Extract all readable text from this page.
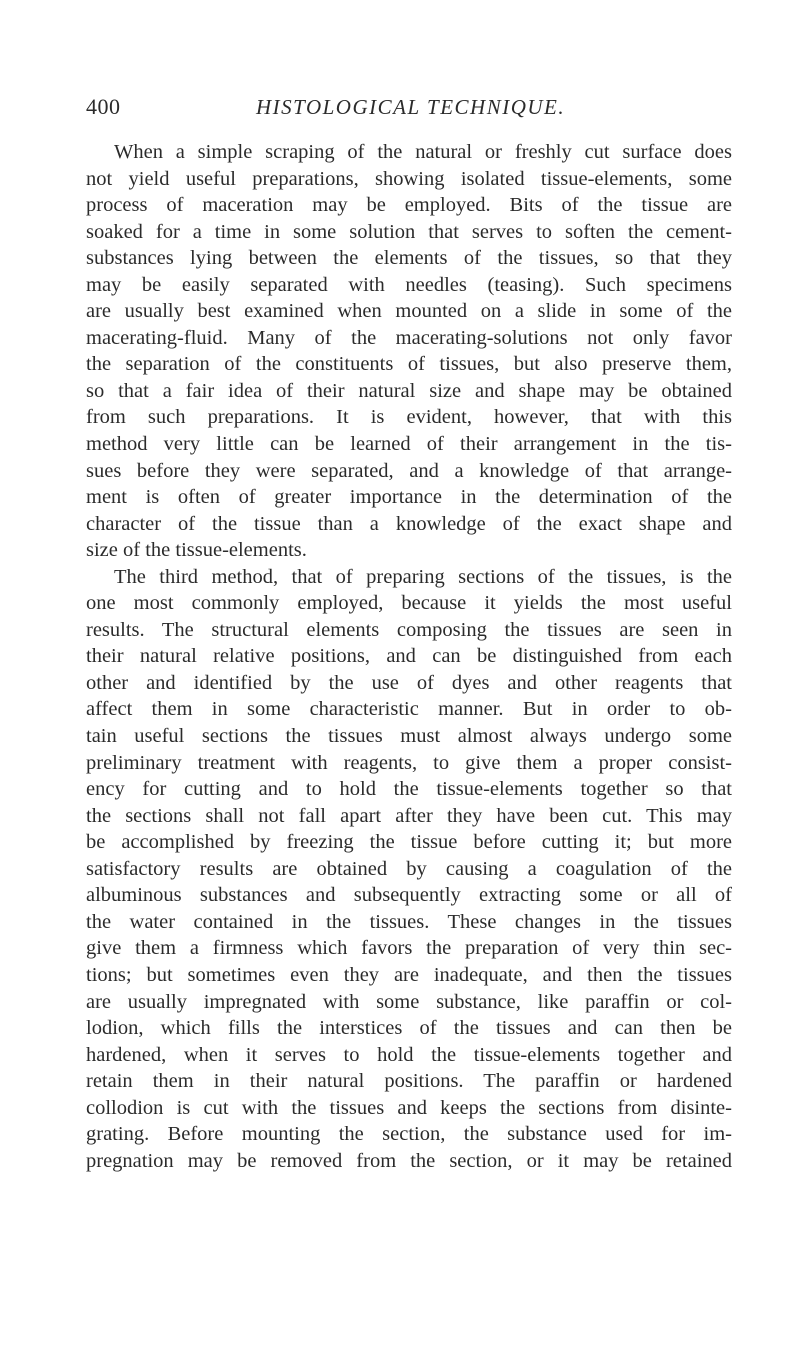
400	HISTOLOGICAL TECHNIQUE.
When a simple scraping of the natural or freshly cut surface does
not yield useful preparations, showing isolated tissue-elements, some
process of maceration may be employed. Bits of the tissue are
soaked for a time in some solution that serves to soften the cement-
substances lying between the elements of the tissues, so that they
may be easily separated with needles (teasing). Such specimens
are usually best examined when mounted on a slide in some of the
macerating-fluid. Many of the macerating-solutions not only favor
the separation of the constituents of tissues, but also preserve them,
so that a fair idea of their natural size and shape may be obtained
from such preparations. It is evident, however, that with this
method very little can be learned of their arrangement in the tis-
sues before they were separated, and a knowledge of that arrange-
ment is often of greater importance in the determination of the
character of the tissue than a knowledge of the exact shape and
size of the tissue-elements.
The third method, that of preparing sections of the tissues, is the
one most commonly employed, because it yields the most useful
results. The structural elements composing the tissues are seen in
their natural relative positions, and can be distinguished from each
other and identified by the use of dyes and other reagents that
affect them in some characteristic manner. But in order to ob-
tain useful sections the tissues must almost always undergo some
preliminary treatment with reagents, to give them a proper consist-
ency for cutting and to hold the tissue-elements together so that
the sections shall not fall apart after they have been cut. This may
be accomplished by freezing the tissue before cutting it; but more
satisfactory results are obtained by causing a coagulation of the
albuminous substances and subsequently extracting some or all of
the water contained in the tissues. These changes in the tissues
give them a firmness which favors the preparation of very thin sec-
tions; but sometimes even they are inadequate, and then the tissues
are usually impregnated with some substance, like paraffin or col-
lodion, which fills the interstices of the tissues and can then be
hardened, when it serves to hold the tissue-elements together and
retain them in their natural positions. The paraffin or hardened
collodion is cut with the tissues and keeps the sections from disinte-
grating. Before mounting the section, the substance used for im-
pregnation may be removed from the section, or it may be retained
